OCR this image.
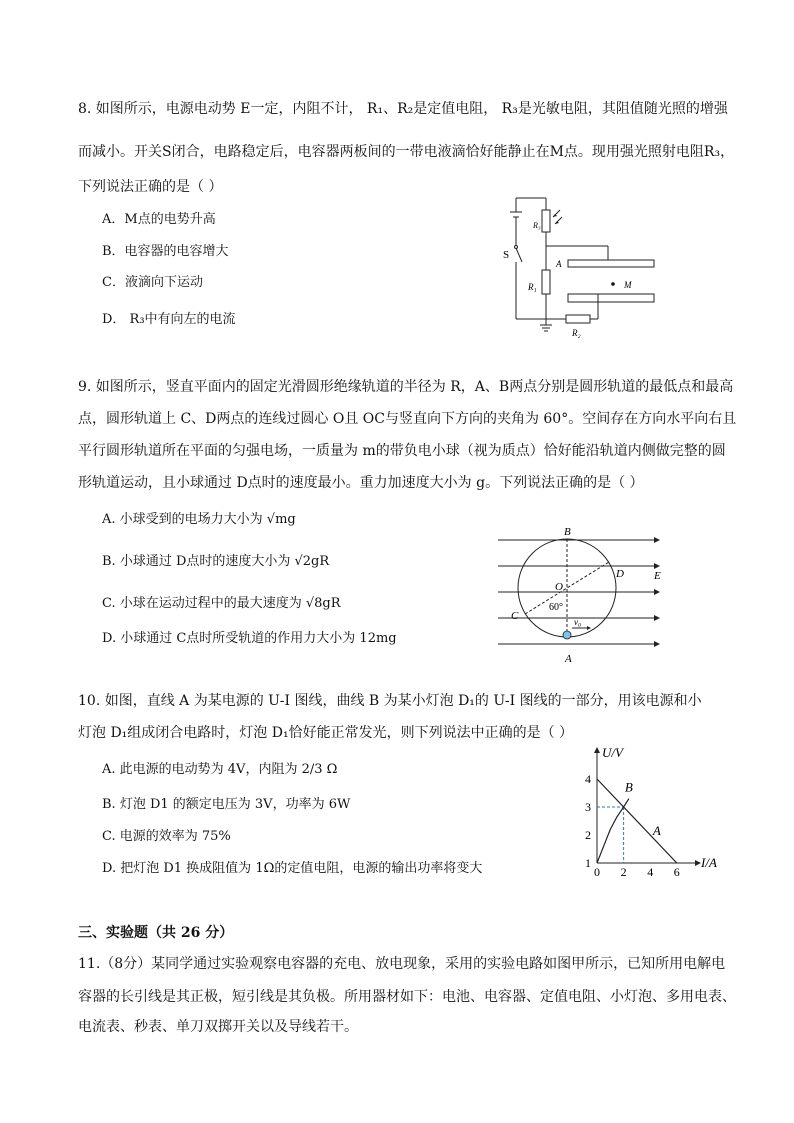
8. 如图所示，电源电动势 E一定，内阻不计， R₁、R₂是定值电阻， R₃是光敏电阻，其阻值随光照的增强
而减小。开关S闭合，电路稳定后，电容器两板间的一带电液滴恰好能静止在M点。现用强光照射电阻R₃，
下列说法正确的是（ ）
A．M点的电势升高
B．电容器的电容增大
C．液滴向下运动
D． R₃中有向左的电流
S
R₃
A
R₁	M
R₂
9. 如图所示，竖直平面内的固定光滑圆形绝缘轨道的半径为 R，A、B两点分别是圆形轨道的最低点和最高
点，圆形轨道上 C、D两点的连线过圆心 O且 OC与竖直向下方向的夹角为 60°。空间存在方向水平向右且
平行圆形轨道所在平面的匀强电场，一质量为 m的带负电小球（视为质点）恰好能沿轨道内侧做完整的圆
形轨道运动，且小球通过 D点时的速度最小。重力加速度大小为 g。下列说法正确的是（ ）
A. 小球受到的电场力大小为 √mg
B. 小球通过 D点时的速度大小为 √2gR
C. 小球在运动过程中的最大速度为 √8gR
D. 小球通过 C点时所受轨道的作用力大小为 12mg
B
D	E
O
60°
C	v₀
A
10. 如图，直线 A 为某电源的 U-I 图线，曲线 B 为某小灯泡 D₁的 U-I 图线的一部分，用该电源和小
灯泡 D₁组成闭合电路时，灯泡 D₁恰好能正常发光，则下列说法中正确的是（ ）
A. 此电源的电动势为 4V，内阻为 2/3 Ω
B. 灯泡 D1 的额定电压为 3V，功率为 6W
C. 电源的效率为 75%
D. 把灯泡 D1 换成阻值为 1Ω的定值电阻，电源的输出功率将变大
U/V
I/A
0 2 4 6
1
2
3
4
A
B
三、实验题（共 26 分）
11.（8分）某同学通过实验观察电容器的充电、放电现象，采用的实验电路如图甲所示，已知所用电解电
容器的长引线是其正极，短引线是其负极。所用器材如下：电池、电容器、定值电阻、小灯泡、多用电表、
电流表、秒表、单刀双掷开关以及导线若干。
